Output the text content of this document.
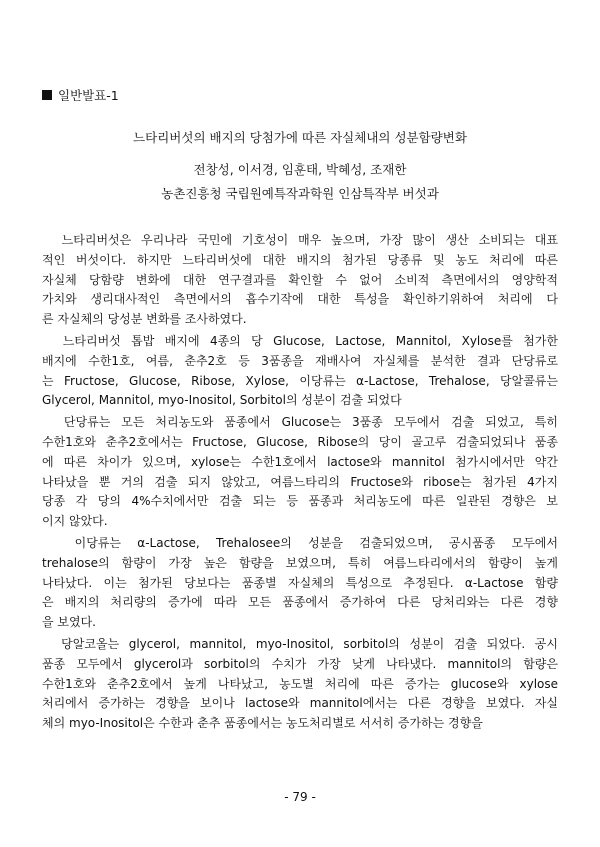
일반발표-1
느타리버섯의 배지의 당첨가에 따른 자실체내의 성분함량변화
전창성, 이서경, 임훈태, 박혜성, 조재한
농촌진흥청 국립원예특작과학원 인삼특작부 버섯과
느타리버섯은 우리나라 국민에 기호성이 매우 높으며, 가장 많이 생산 소비되는 대표
적인 버섯이다. 하지만 느타리버섯에 대한 배지의 첨가된 당종류 및 농도 처리에 따른
자실체 당함량 변화에 대한 연구결과를 확인할 수 없어 소비적 측면에서의 영양학적
가치와 생리대사적인 측면에서의 흡수기작에 대한 특성을 확인하기위하여 처리에 다
른 자실체의 당성분 변화를 조사하였다.
느타리버섯 톱밥 배지에 4종의 당 Glucose, Lactose, Mannitol, Xylose를 첨가한
배지에 수한1호, 여름, 춘추2호 등 3품종을 재배사여 자실체를 분석한 결과 단당류로
는 Fructose, Glucose, Ribose, Xylose, 이당류는 α-Lactose, Trehalose, 당알콜류는
Glycerol, Mannitol, myo-Inositol, Sorbitol의 성분이 검출 되었다
단당류는 모든 처리농도와 품종에서 Glucose는 3품종 모두에서 검출 되었고, 특히
수한1호와 춘추2호에서는 Fructose, Glucose, Ribose의 당이 골고루 검출되었되나 품종
에 따른 차이가 있으며, xylose는 수한1호에서 lactose와 mannitol 첨가시에서만 약간
나타났을 뿐 거의 검출 되지 않았고, 여름느타리의 Fructose와 ribose는 첨가된 4가지
당종 각 당의 4%수치에서만 검출 되는 등 품종과 처리농도에 따른 일관된 경향은 보
이지 않았다.
이당류는 α-Lactose, Trehalosee의 성분을 검출되었으며, 공시품종 모두에서
trehalose의 함량이 가장 높은 함량을 보였으며, 특히 여름느타리에서의 함량이 높게
나타났다. 이는 첨가된 당보다는 품종별 자실체의 특성으로 추정된다. α-Lactose 함량
은 배지의 처리량의 증가에 따라 모든 품종에서 증가하여 다른 당처리와는 다른 경향
을 보였다.
당알코올는 glycerol, mannitol, myo-Inositol, sorbitol의 성분이 검출 되었다. 공시
품종 모두에서 glycerol과 sorbitol의 수치가 가장 낮게 나타냈다. mannitol의 함량은
수한1호와 춘추2호에서 높게 나타났고, 농도별 처리에 따른 증가는 glucose와 xylose
처리에서 증가하는 경향을 보이나 lactose와 mannitol에서는 다른 경향을 보였다. 자실
체의 myo-Inositol은 수한과 춘추 품종에서는 농도처리별로 서서히 증가하는 경향을
- 79 -
